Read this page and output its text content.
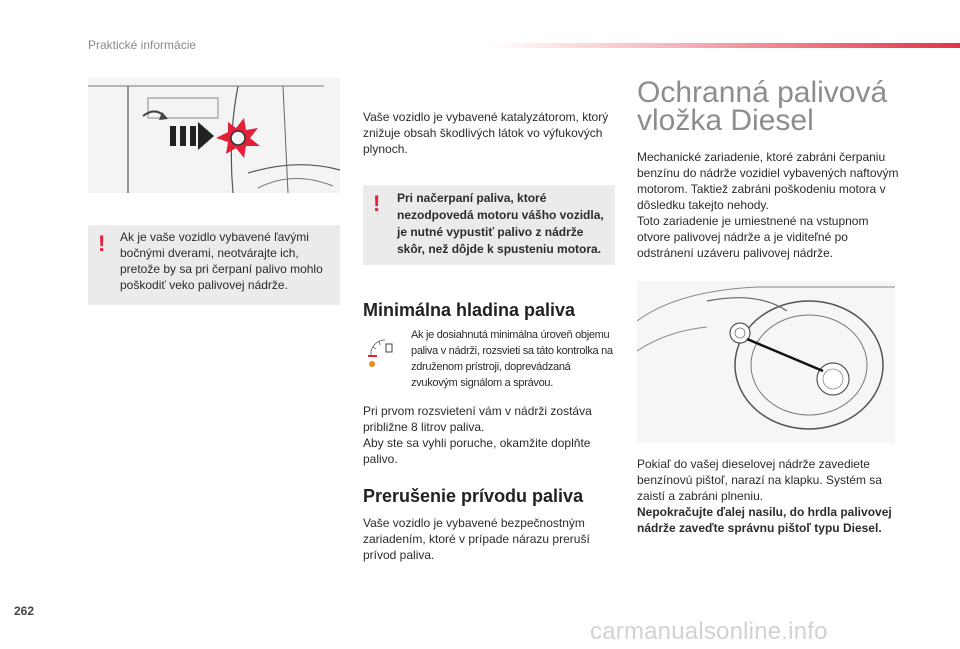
Praktické informácie
! Ak je vaše vozidlo vybavené ľavými bočnými dverami, neotvárajte ich, pretože by sa pri čerpaní palivo mohlo poškodiť veko palivovej nádrže.
Vaše vozidlo je vybavené katalyzátorom, ktorý znižuje obsah škodlivých látok vo výfukových plynoch.
! Pri načerpaní paliva, ktoré nezodpovedá motoru vášho vozidla, je nutné vypustiť palivo z nádrže skôr, než dôjde k spusteniu motora.
Minimálna hladina paliva
Ak je dosiahnutá minimálna úroveň objemu paliva v nádrži, rozsvieti sa táto kontrolka na združenom prístroji, doprevádzaná zvukovým signálom a správou.
Pri prvom rozsvietení vám v nádrži zostáva približne 8 litrov paliva.
Aby ste sa vyhli poruche, okamžite doplňte palivo.
Prerušenie prívodu paliva
Vaše vozidlo je vybavené bezpečnostným zariadením, ktoré v prípade nárazu preruší prívod paliva.
Ochranná palivová
vložka Diesel
Mechanické zariadenie, ktoré zabráni čerpaniu benzínu do nádrže vozidiel vybavených naftovým motorom. Taktiež zabráni poškodeniu motora v dôsledku takejto nehody.
Toto zariadenie je umiestnené na vstupnom otvore palivovej nádrže a je viditeľné po odstránení uzáveru palivovej nádrže.
Pokiaľ do vašej dieselovej nádrže zavediete benzínovú pištoľ, narazí na klapku. Systém sa zaistí a zabráni plneniu.
Nepokračujte ďalej nasilu, do hrdla palivovej nádrže zaveďte správnu pištoľ typu Diesel.
262
carmanualsonline.info
